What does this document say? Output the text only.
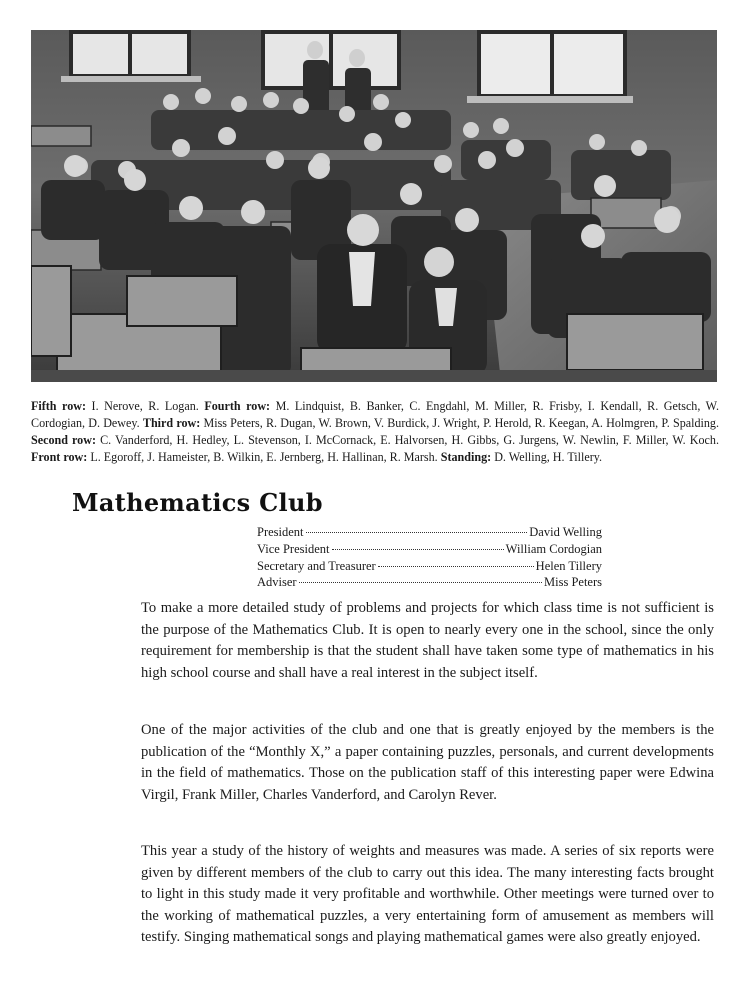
Fifth row: I. Nerove, R. Logan. Fourth row: M. Lindquist, B. Banker, C. Engdahl, M. Miller, R. Frisby, I. Kendall, R. Getsch, W. Cordogian, D. Dewey. Third row: Miss Peters, R. Dugan, W. Brown, V. Burdick, J. Wright, P. Herold, R. Keegan, A. Holmgren, P. Spalding. Second row: C. Vanderford, H. Hedley, L. Stevenson, I. McCornack, E. Halvorsen, H. Gibbs, G. Jurgens, W. Newlin, F. Miller, W. Koch. Front row: L. Egoroff, J. Hameister, B. Wilkin, E. Jernberg, H. Hallinan, R. Marsh. Standing: D. Welling, H. Tillery.

Mathematics Club
President	David Welling
Vice President	William Cordogian
Secretary and Treasurer	Helen Tillery
Adviser	Miss Peters

To make a more detailed study of problems and projects for which class time is not sufficient is the purpose of the Mathematics Club. It is open to nearly every one in the school, since the only requirement for membership is that the student shall have taken some type of mathematics in his high school course and shall have a real interest in the subject itself.

One of the major activities of the club and one that is greatly enjoyed by the members is the publication of the “Monthly X,” a paper containing puzzles, personals, and current developments in the field of mathematics. Those on the publication staff of this interesting paper were Edwina Virgil, Frank Miller, Charles Vanderford, and Carolyn Rever.

This year a study of the history of weights and measures was made. A series of six reports were given by different members of the club to carry out this idea. The many interesting facts brought to light in this study made it very profitable and worthwhile. Other meetings were turned over to the working of mathematical puzzles, a very entertaining form of amusement as members will testify. Singing mathematical songs and playing mathematical games were also greatly enjoyed.
